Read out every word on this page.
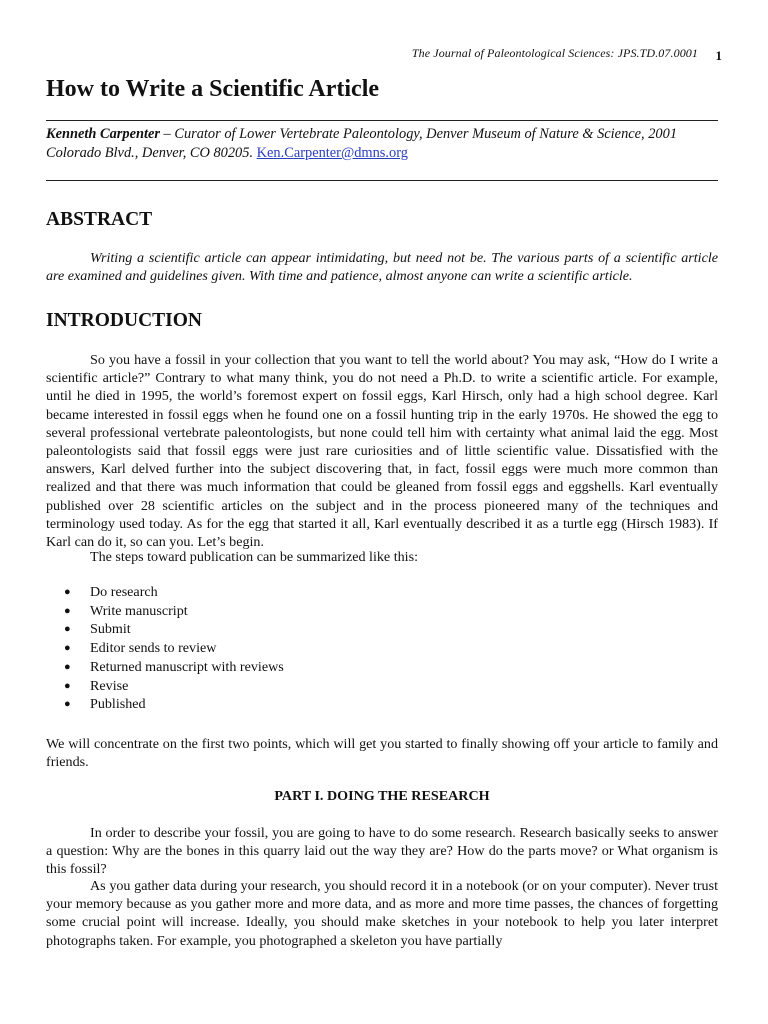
The Journal of Paleontological Sciences: JPS.TD.07.0001 1
How to Write a Scientific Article
Kenneth Carpenter – Curator of Lower Vertebrate Paleontology, Denver Museum of Nature & Science, 2001 Colorado Blvd., Denver, CO 80205. Ken.Carpenter@dmns.org
ABSTRACT

Writing a scientific article can appear intimidating, but need not be. The various parts of a scientific article are examined and guidelines given. With time and patience, almost anyone can write a scientific article.

INTRODUCTION

So you have a fossil in your collection that you want to tell the world about? You may ask, “How do I write a scientific article?” Contrary to what many think, you do not need a Ph.D. to write a scientific article. For example, until he died in 1995, the world’s foremost expert on fossil eggs, Karl Hirsch, only had a high school degree. Karl became interested in fossil eggs when he found one on a fossil hunting trip in the early 1970s. He showed the egg to several professional vertebrate paleontologists, but none could tell him with certainty what animal laid the egg. Most paleontologists said that fossil eggs were just rare curiosities and of little scientific value. Dissatisfied with the answers, Karl delved further into the subject discovering that, in fact, fossil eggs were much more common than realized and that there was much information that could be gleaned from fossil eggs and eggshells. Karl eventually published over 28 scientific articles on the subject and in the process pioneered many of the techniques and terminology used today. As for the egg that started it all, Karl eventually described it as a turtle egg (Hirsch 1983). If Karl can do it, so can you. Let’s begin.

The steps toward publication can be summarized like this:

● Do research
● Write manuscript
● Submit
● Editor sends to review
● Returned manuscript with reviews
● Revise
● Published

We will concentrate on the first two points, which will get you started to finally showing off your article to family and friends.

PART I. DOING THE RESEARCH

In order to describe your fossil, you are going to have to do some research. Research basically seeks to answer a question: Why are the bones in this quarry laid out the way they are? How do the parts move? or What organism is this fossil?

As you gather data during your research, you should record it in a notebook (or on your computer). Never trust your memory because as you gather more and more data, and as more and more time passes, the chances of forgetting some crucial point will increase. Ideally, you should make sketches in your notebook to help you later interpret photographs taken. For example, you photographed a skeleton you have partially
